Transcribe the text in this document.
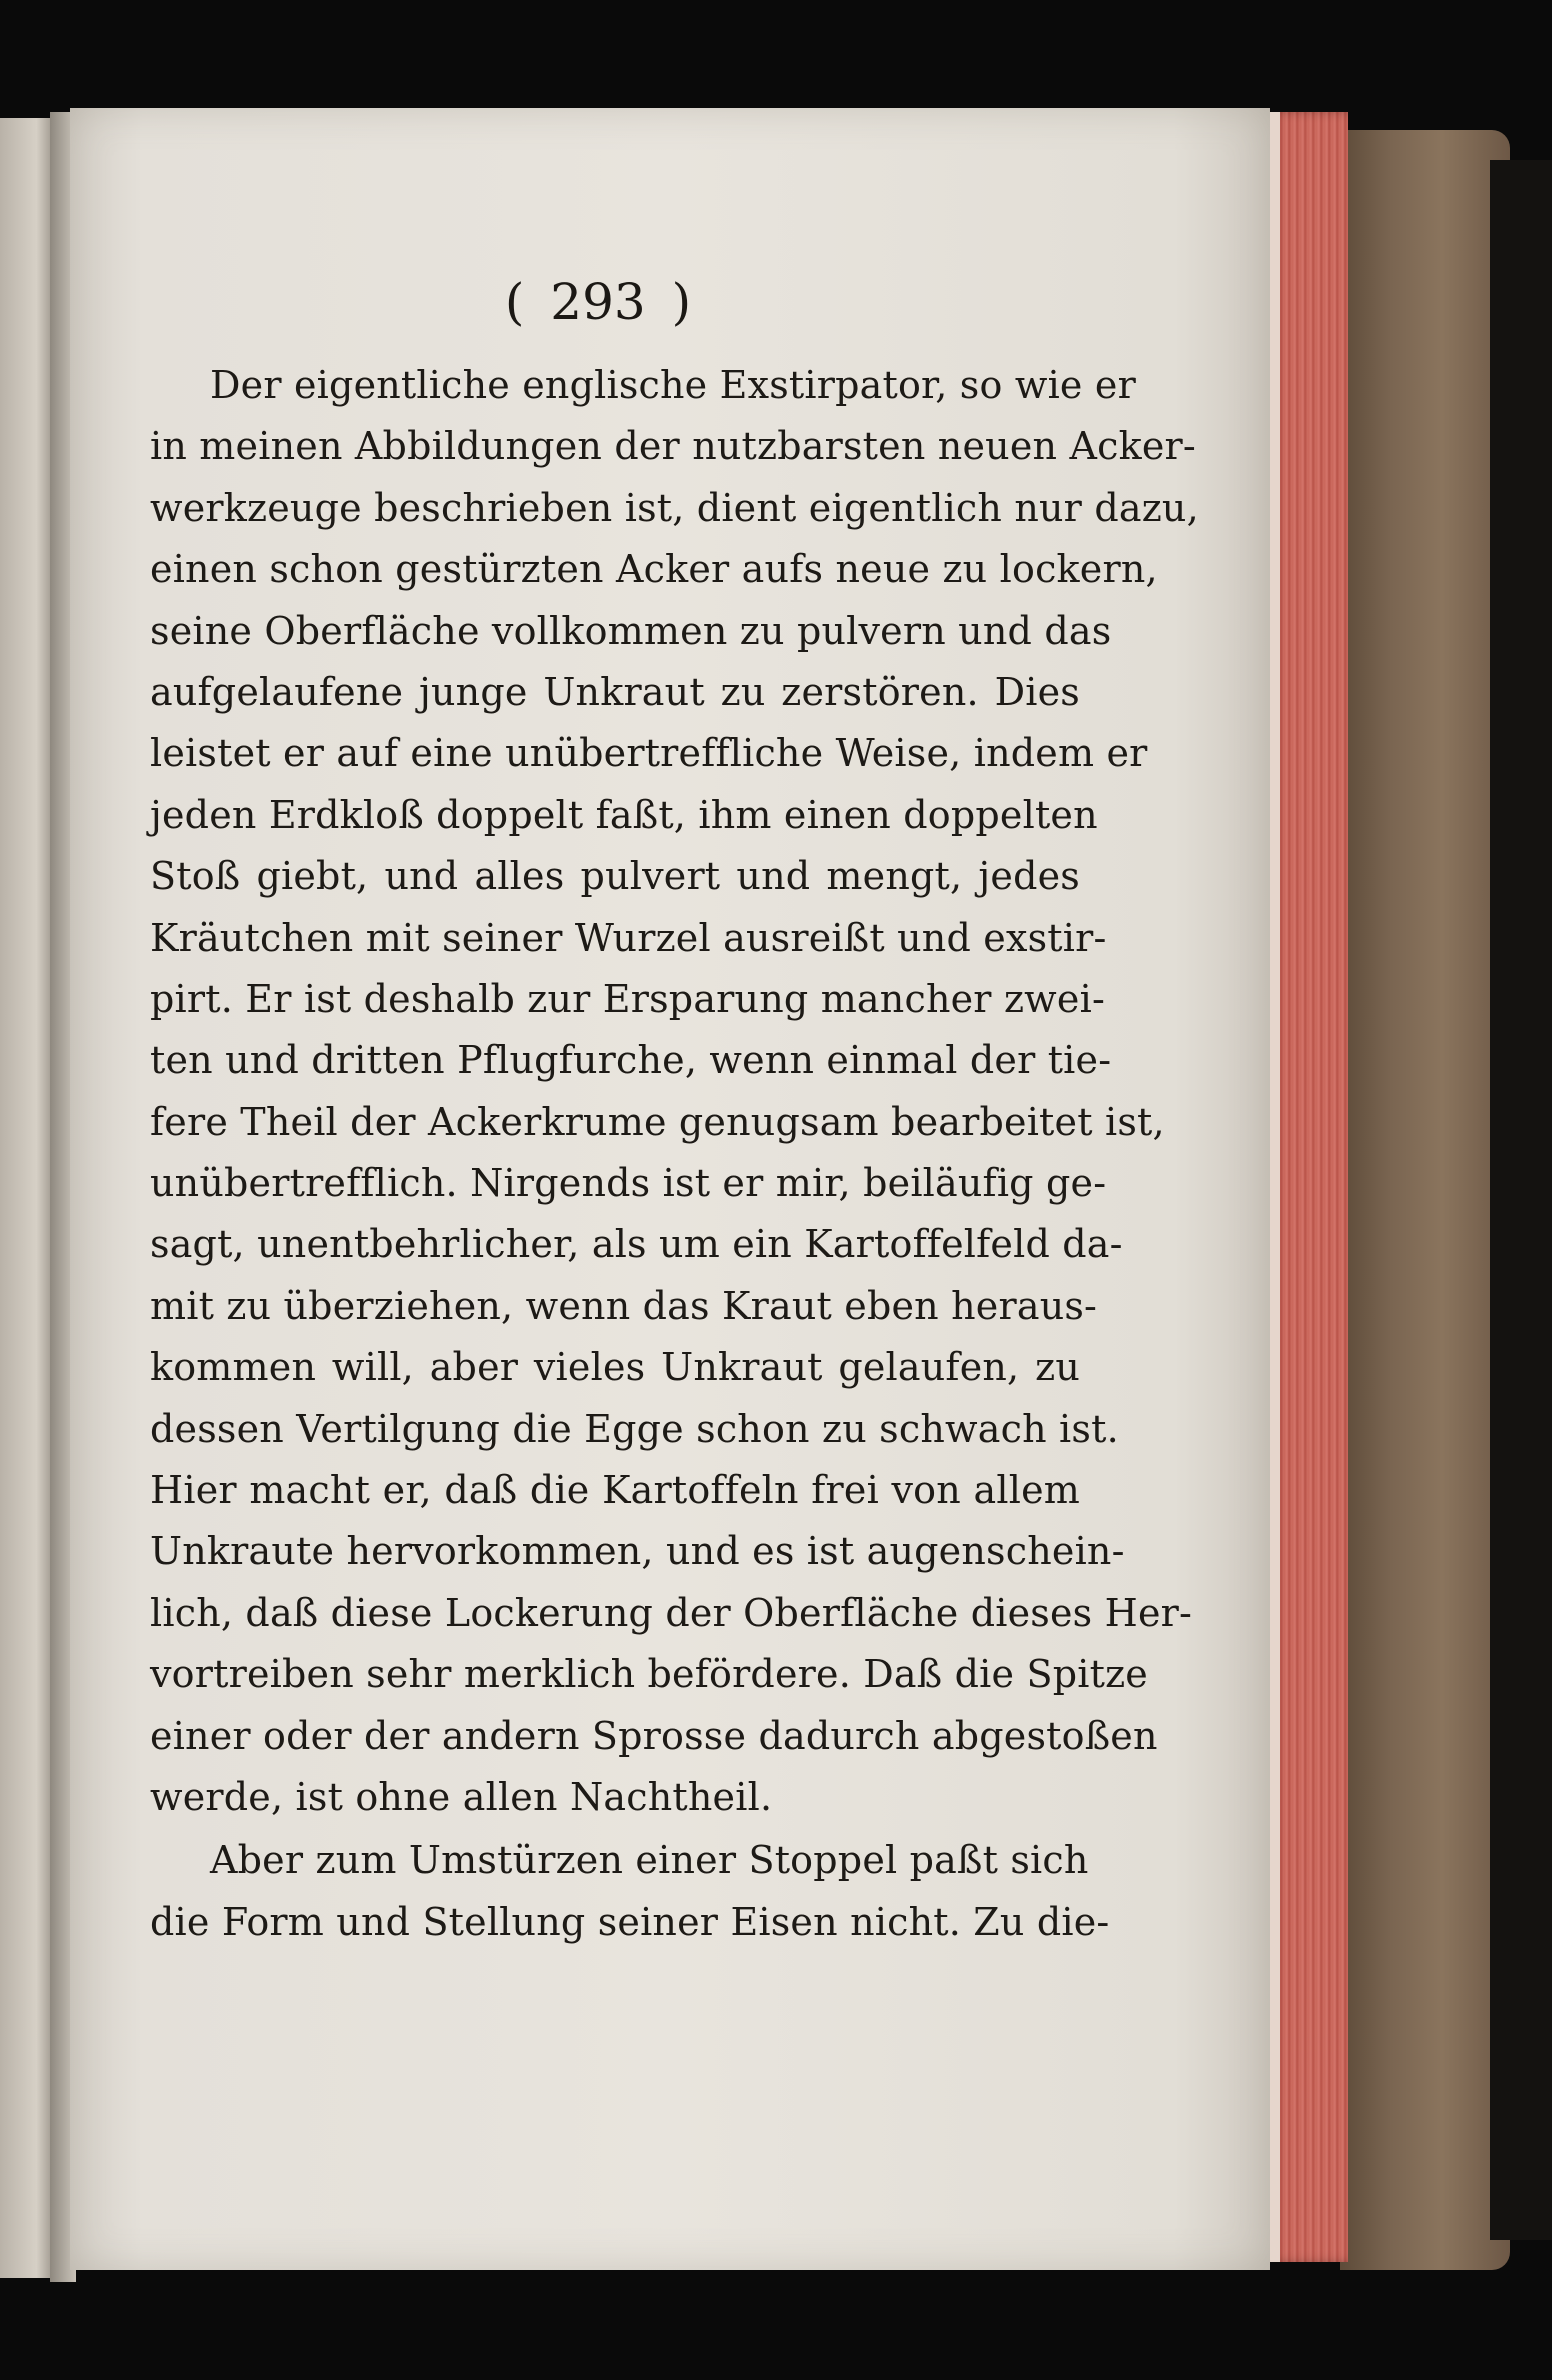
( 293 )
Der eigentliche englische Exstirpator, so wie er
in meinen Abbildungen der nutzbarsten neuen Acker-
werkzeuge beschrieben ist, dient eigentlich nur dazu,
einen schon gestürzten Acker aufs neue zu lockern,
seine Oberfläche vollkommen zu pulvern und das
aufgelaufene junge Unkraut zu zerstören. Dies
leistet er auf eine unübertreffliche Weise, indem er
jeden Erdkloß doppelt faßt, ihm einen doppelten
Stoß giebt, und alles pulvert und mengt, jedes
Kräutchen mit seiner Wurzel ausreißt und exstir-
pirt. Er ist deshalb zur Ersparung mancher zwei-
ten und dritten Pflugfurche, wenn einmal der tie-
fere Theil der Ackerkrume genugsam bearbeitet ist,
unübertrefflich. Nirgends ist er mir, beiläufig ge-
sagt, unentbehrlicher, als um ein Kartoffelfeld da-
mit zu überziehen, wenn das Kraut eben heraus-
kommen will, aber vieles Unkraut gelaufen, zu
dessen Vertilgung die Egge schon zu schwach ist.
Hier macht er, daß die Kartoffeln frei von allem
Unkraute hervorkommen, und es ist augenschein-
lich, daß diese Lockerung der Oberfläche dieses Her-
vortreiben sehr merklich befördere. Daß die Spitze
einer oder der andern Sprosse dadurch abgestoßen
werde, ist ohne allen Nachtheil.
Aber zum Umstürzen einer Stoppel paßt sich
die Form und Stellung seiner Eisen nicht. Zu die-
